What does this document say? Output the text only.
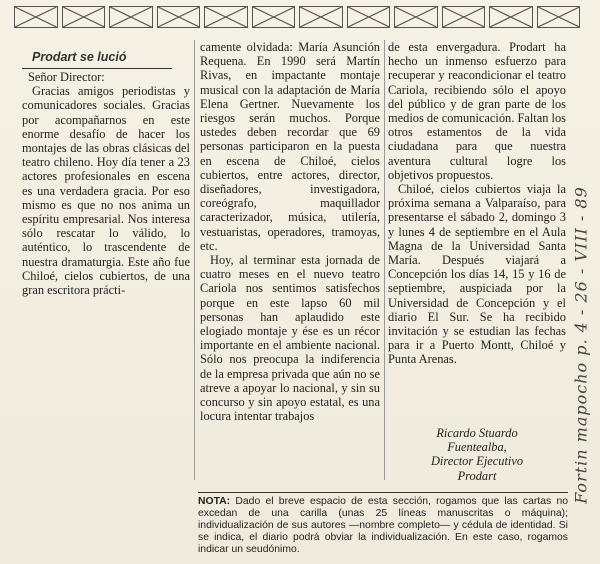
Prodart se lució

Señor Director:

Gracias amigos periodistas y comunicadores sociales. Gracias por acompañarnos en este enorme desafío de hacer los montajes de las obras clásicas del teatro chileno. Hoy día tener a 23 actores profesionales en escena es una verdadera gracia. Por eso mismo es que no nos anima un espíritu empresarial. Nos interesa sólo rescatar lo válido, lo auténtico, lo trascendente de nuestra dramaturgia. Este año fue Chiloé, cielos cubiertos, de una gran escritora prácti-

camente olvidada: María Asunción Requena. En 1990 será Martín Rivas, en impactante montaje musical con la adaptación de María Elena Gertner. Nuevamente los riesgos serán muchos. Porque ustedes deben recordar que 69 personas participaron en la puesta en escena de Chiloé, cielos cubiertos, entre actores, director, diseñadores, investigadora, coreógrafo, maquillador caracterizador, música, utilería, vestuaristas, operadores, tramoyas, etc.

Hoy, al terminar esta jornada de cuatro meses en el nuevo teatro Cariola nos sentimos satisfechos porque en este lapso 60 mil personas han aplaudido este elogiado montaje y ése es un récor importante en el ambiente nacional. Sólo nos preocupa la indiferencia de la empresa privada que aún no se atreve a apoyar lo nacional, y sin su concurso y sin apoyo estatal, es una locura intentar trabajos

de esta envergadura. Prodart ha hecho un inmenso esfuerzo para recuperar y reacondicionar el teatro Cariola, recibiendo sólo el apoyo del público y de gran parte de los medios de comunicación. Faltan los otros estamentos de la vida ciudadana para que nuestra aventura cultural logre los objetivos propuestos.

Chiloé, cielos cubiertos viaja la próxima semana a Valparaíso, para presentarse el sábado 2, domingo 3 y lunes 4 de septiembre en el Aula Magna de la Universidad Santa María. Después viajará a Concepción los días 14, 15 y 16 de septiembre, auspiciada por la Universidad de Concepción y el diario El Sur. Se ha recibido invitación y se estudian las fechas para ir a Puerto Montt, Chiloé y Punta Arenas.

Ricardo Stuardo
Fuentealba,
Director Ejecutivo
Prodart
NOTA: Dado el breve espacio de esta sección, rogamos que las cartas no excedan de una carilla (unas 25 líneas manuscritas o máquina); individualización de sus autores —nombre completo— y cédula de identidad. Si se indica, el diario podrá obviar la individualización. En este caso, rogamos indicar un seudónimo.
Fortin mapocho p. 4 - 26 - VIII - 89
